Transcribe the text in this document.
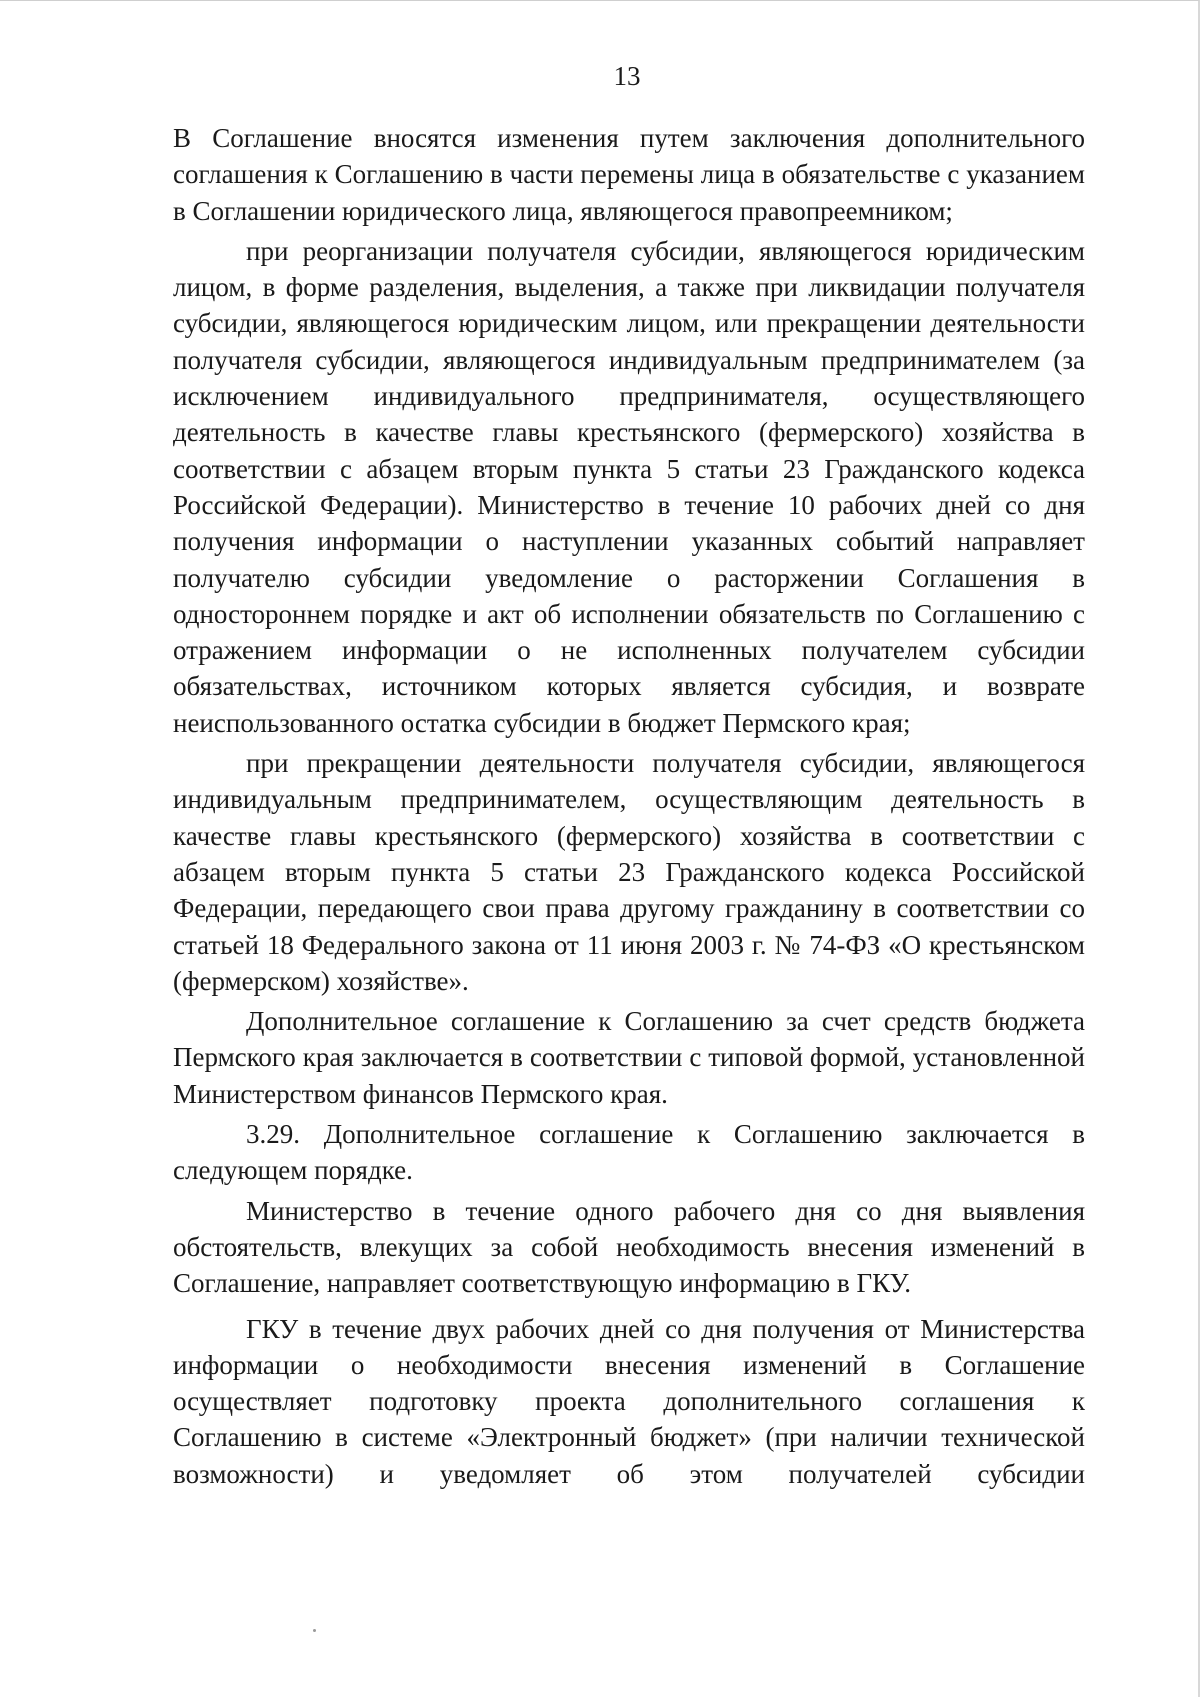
13

В Соглашение вносятся изменения путем заключения дополнительного соглашения к Соглашению в части перемены лица в обязательстве с указанием в Соглашении юридического лица, являющегося правопреемником;

при реорганизации получателя субсидии, являющегося юридическим лицом, в форме разделения, выделения, а также при ликвидации получателя субсидии, являющегося юридическим лицом, или прекращении деятельности получателя субсидии, являющегося индивидуальным предпринимателем (за исключением индивидуального предпринимателя, осуществляющего деятельность в качестве главы крестьянского (фермерского) хозяйства в соответствии с абзацем вторым пункта 5 статьи 23 Гражданского кодекса Российской Федерации). Министерство в течение 10 рабочих дней со дня получения информации о наступлении указанных событий направляет получателю субсидии уведомление о расторжении Соглашения в одностороннем порядке и акт об исполнении обязательств по Соглашению с отражением информации о не исполненных получателем субсидии обязательствах, источником которых является субсидия, и возврате неиспользованного остатка субсидии в бюджет Пермского края;

при прекращении деятельности получателя субсидии, являющегося индивидуальным предпринимателем, осуществляющим деятельность в качестве главы крестьянского (фермерского) хозяйства в соответствии с абзацем вторым пункта 5 статьи 23 Гражданского кодекса Российской Федерации, передающего свои права другому гражданину в соответствии со статьей 18 Федерального закона от 11 июня 2003 г. № 74-ФЗ «О крестьянском (фермерском) хозяйстве».

Дополнительное соглашение к Соглашению за счет средств бюджета Пермского края заключается в соответствии с типовой формой, установленной Министерством финансов Пермского края.

3.29. Дополнительное соглашение к Соглашению заключается в следующем порядке.

Министерство в течение одного рабочего дня со дня выявления обстоятельств, влекущих за собой необходимость внесения изменений в Соглашение, направляет соответствующую информацию в ГКУ.

ГКУ в течение двух рабочих дней со дня получения от Министерства информации о необходимости внесения изменений в Соглашение осуществляет подготовку проекта дополнительного соглашения к Соглашению в системе «Электронный бюджет» (при наличии технической возможности) и уведомляет об этом получателей субсидии
